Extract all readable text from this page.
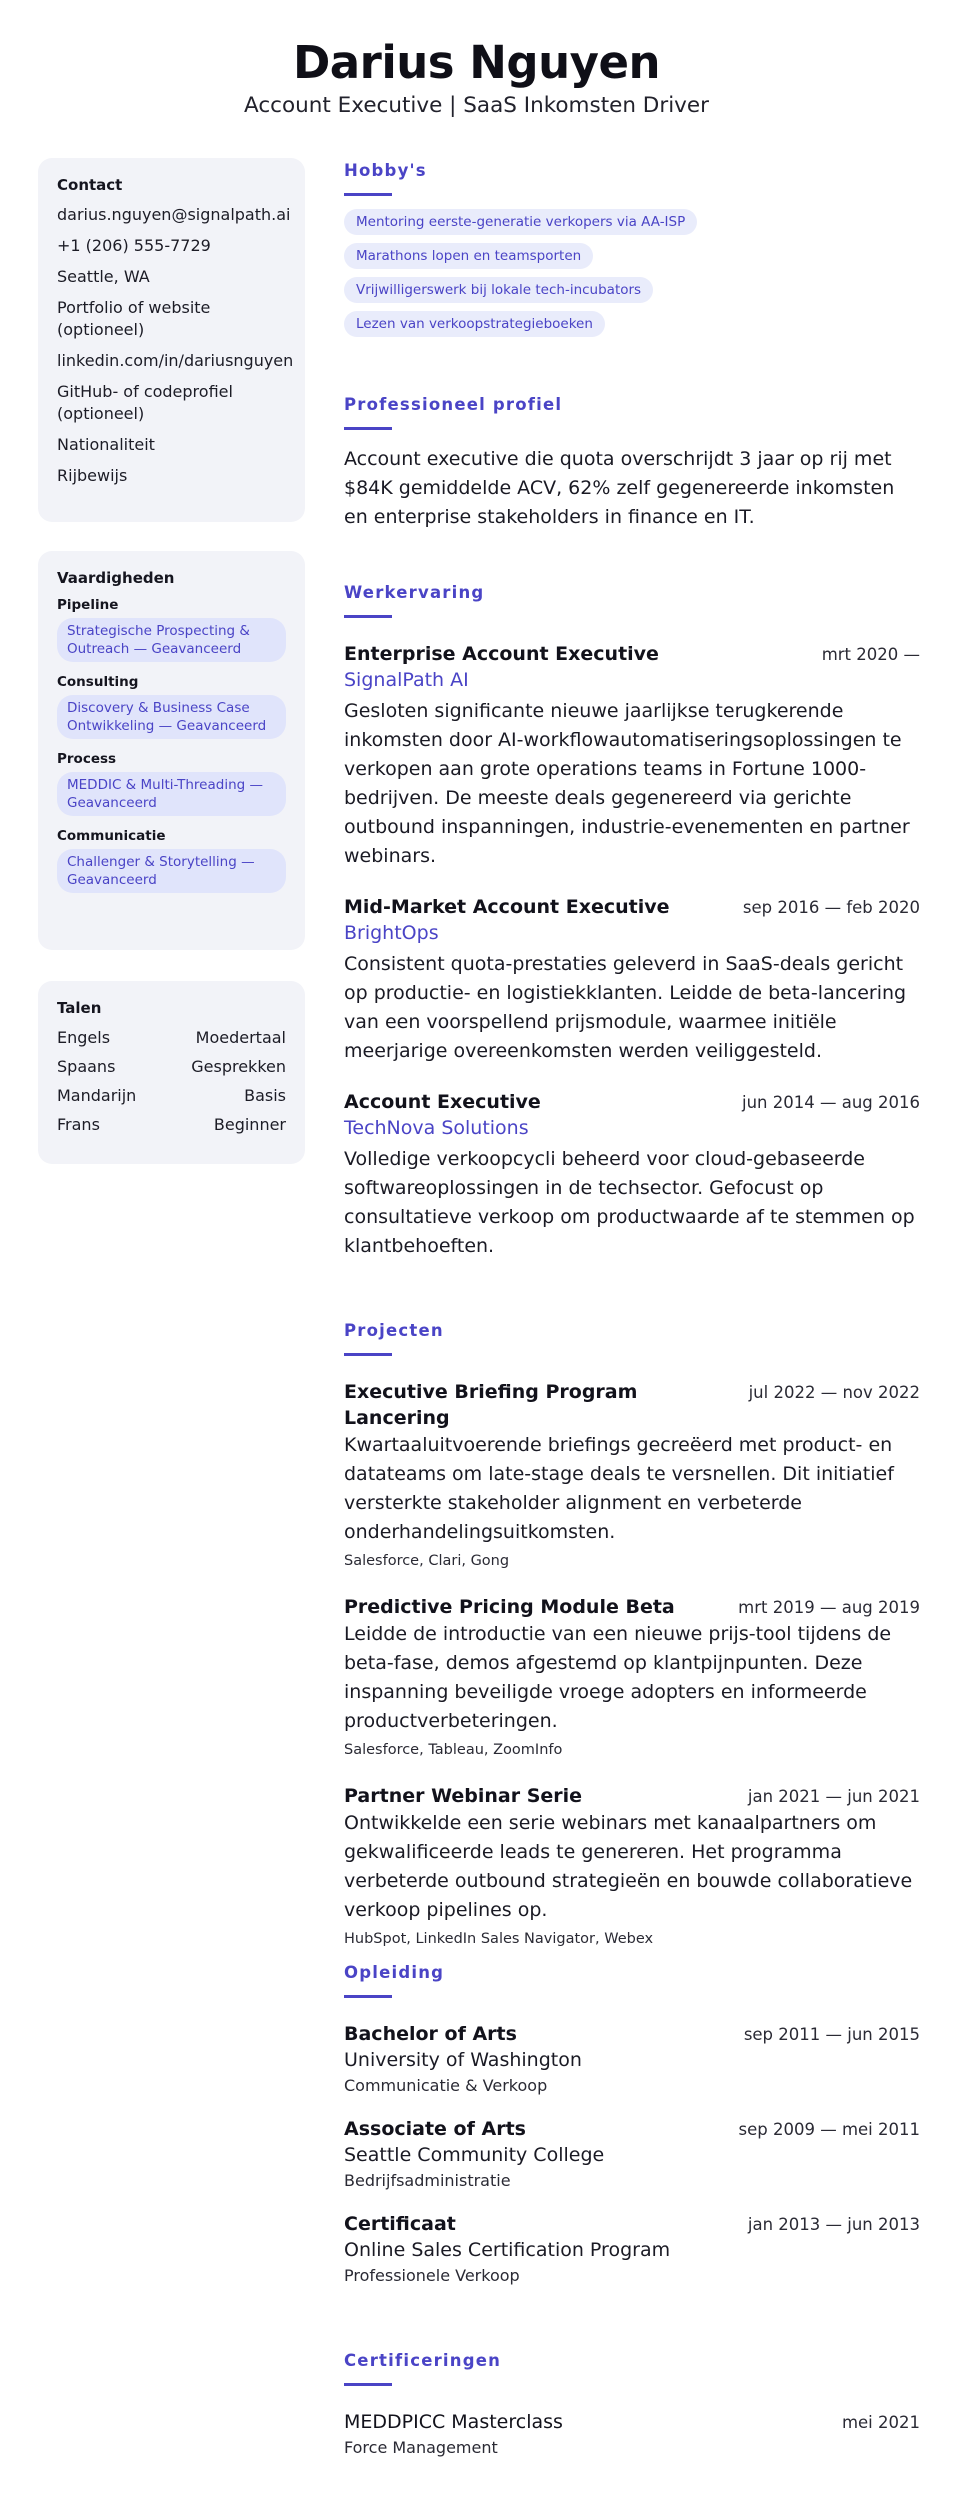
Darius Nguyen
Account Executive | SaaS Inkomsten Driver
Contact
darius.nguyen@signalpath.ai
+1 (206) 555-7729
Seattle, WA
Portfolio of website (optioneel)
linkedin.com/in/dariusnguyen
GitHub- of codeprofiel (optioneel)
Nationaliteit
Rijbewijs
Vaardigheden
Pipeline
Strategische Prospecting & Outreach — Geavanceerd
Consulting
Discovery & Business Case Ontwikkeling — Geavanceerd
Process
MEDDIC & Multi-Threading — Geavanceerd
Communicatie
Challenger & Storytelling — Geavanceerd
Talen
Engels	Moedertaal
Spaans	Gesprekken
Mandarijn	Basis
Frans	Beginner
Hobby's
Mentoring eerste-generatie verkopers via AA-ISP
Marathons lopen en teamsporten
Vrijwilligerswerk bij lokale tech-incubators
Lezen van verkoopstrategieboeken
Professioneel profiel
Account executive die quota overschrijdt 3 jaar op rij met $84K gemiddelde ACV, 62% zelf gegenereerde inkomsten en enterprise stakeholders in finance en IT.
Werkervaring
Enterprise Account Executive	mrt 2020 —
SignalPath AI
Gesloten significante nieuwe jaarlijkse terugkerende inkomsten door AI-workflowautomatiseringsoplossingen te verkopen aan grote operations teams in Fortune 1000-bedrijven. De meeste deals gegenereerd via gerichte outbound inspanningen, industrie-evenementen en partner webinars.
Mid-Market Account Executive	sep 2016 — feb 2020
BrightOps
Consistent quota-prestaties geleverd in SaaS-deals gericht op productie- en logistiekklanten. Leidde de beta-lancering van een voorspellend prijsmodule, waarmee initiële meerjarige overeenkomsten werden veiliggesteld.
Account Executive	jun 2014 — aug 2016
TechNova Solutions
Volledige verkoopcycli beheerd voor cloud-gebaseerde softwareoplossingen in de techsector. Gefocust op consultatieve verkoop om productwaarde af te stemmen op klantbehoeften.
Projecten
Executive Briefing Program Lancering
jul 2022 — nov 2022
Kwartaaluitvoerende briefings gecreëerd met product- en datateams om late-stage deals te versnellen. Dit initiatief versterkte stakeholder alignment en verbeterde onderhandelingsuitkomsten.
Salesforce, Clari, Gong
Predictive Pricing Module Beta	mrt 2019 — aug 2019
Leidde de introductie van een nieuwe prijs-tool tijdens de beta-fase, demos afgestemd op klantpijnpunten. Deze inspanning beveiligde vroege adopters en informeerde productverbeteringen.
Salesforce, Tableau, ZoomInfo
Partner Webinar Serie	jan 2021 — jun 2021
Ontwikkelde een serie webinars met kanaalpartners om gekwalificeerde leads te genereren. Het programma verbeterde outbound strategieën en bouwde collaboratieve verkoop pipelines op.
HubSpot, LinkedIn Sales Navigator, Webex
Opleiding
Bachelor of Arts	sep 2011 — jun 2015
University of Washington
Communicatie & Verkoop
Associate of Arts	sep 2009 — mei 2011
Seattle Community College
Bedrijfsadministratie
Certificaat	jan 2013 — jun 2013
Online Sales Certification Program
Professionele Verkoop
Certificeringen
MEDDPICC Masterclass	mei 2021
Force Management
